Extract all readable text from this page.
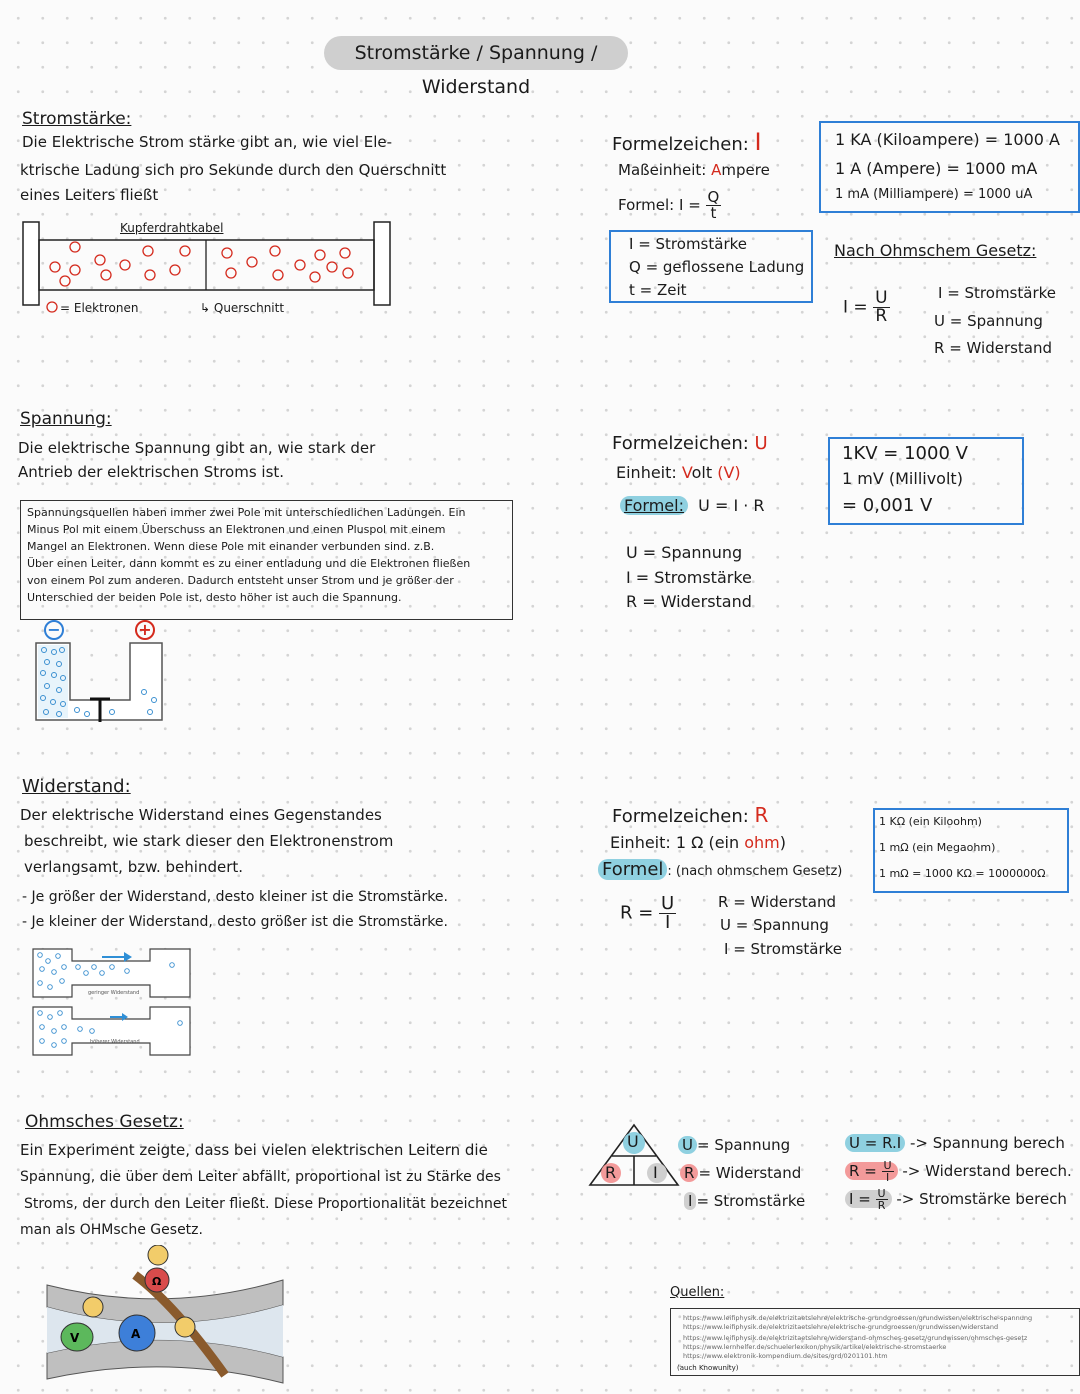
Stromstärke / Spannung / Widerstand
Stromstärke:
Die Elektrische Strom stärke gibt an, wie viel Ele-
ktrische Ladung sich pro Sekunde durch den Querschnitt
eines Leiters fließt
Kupferdrahtkabel
= Elektronen	↳ Querschnitt
Formelzeichen: I
Maßeinheit: Ampere
Formel: $I = \frac{Q}{t}$
I = Stromstärke
Q = geflossene Ladung
t = Zeit
1 KA (Kiloampere) = 1000 A
1 A (Ampere) = 1000 mA
1 mA (Milliampere) = 1000 uA
Nach Ohmschem Gesetz:
$I = \frac{U}{R}$	I = Stromstärke
U = Spannung
R = Widerstand
Spannung:
Die elektrische Spannung gibt an, wie stark der
Antrieb der elektrischen Stroms ist.
Spannungsquellen haben immer zwei Pole mit unterschiedlichen Ladungen. Ein
Minus Pol mit einem Überschuss an Elektronen und einen Pluspol mit einem
Mangel an Elektronen. Wenn diese Pole mit einander verbunden sind. z.B.
Über einen Leiter, dann kommt es zu einer entladung und die Elektronen fließen
von einem Pol zum anderen. Dadurch entsteht unser Strom und je größer der
Unterschied der beiden Pole ist, desto höher ist auch die Spannung.
−	+
Formelzeichen: U
Einheit: Volt (V)
Formel: U = I · R
U = Spannung
I = Stromstärke
R = Widerstand
1KV = 1000 V
1 mV (Millivolt)
= 0,001 V
Widerstand:
Der elektrische Widerstand eines Gegenstandes
beschreibt, wie stark dieser den Elektronenstrom
verlangsamt, bzw. behindert.
- Je größer der Widerstand, desto kleiner ist die Stromstärke.
- Je kleiner der Widerstand, desto größer ist die Stromstärke.
geringer Widerstand
höherer Widerstand
Formelzeichen: R
Einheit: 1 Ω (ein ohm)
Formel : (nach ohmschem Gesetz)
$R = \frac{U}{I}$	R = Widerstand
U = Spannung
I = Stromstärke
1 KΩ (ein Kiloohm)
1 mΩ (ein Megaohm)
1 mΩ = 1000 KΩ = 1000000Ω
Ohmsches Gesetz:
Ein Experiment zeigte, dass bei vielen elektrischen Leitern die
Spannung, die über dem Leiter abfällt, proportional ist zu Stärke des
Stroms, der durch den Leiter fließt. Diese Proportionalität bezeichnet
man als OHMsche Gesetz.
V	A
Ω
U
R I
U = Spannung
R = Widerstand
I = Stromstärke
U = R.I -> Spannung berech
$R = \frac{U}{I}$ -> Widerstand berech.
$I = \frac{U}{R}$ -> Stromstärke berech
Quellen:
https://www.leifiphysik.de/elektrizitaetslehre/elektrische-grundgroessen/grundwissen/elektrische-spannung
https://www.leifiphysik.de/elektrizitaetslehre/elektrische-grundgroessen/grundwissen/widerstand
https://www.leifiphysik.de/elektrizitaetslehre/widerstand-ohmsches-gesetz/grundwissen/ohmsches-gesetz
https://www.lernhelfer.de/schuelerlexikon/physik/artikel/elektrische-stromstaerke
https://www.elektronik-kompendium.de/sites/grd/0201101.htm
(auch Knowunity)
